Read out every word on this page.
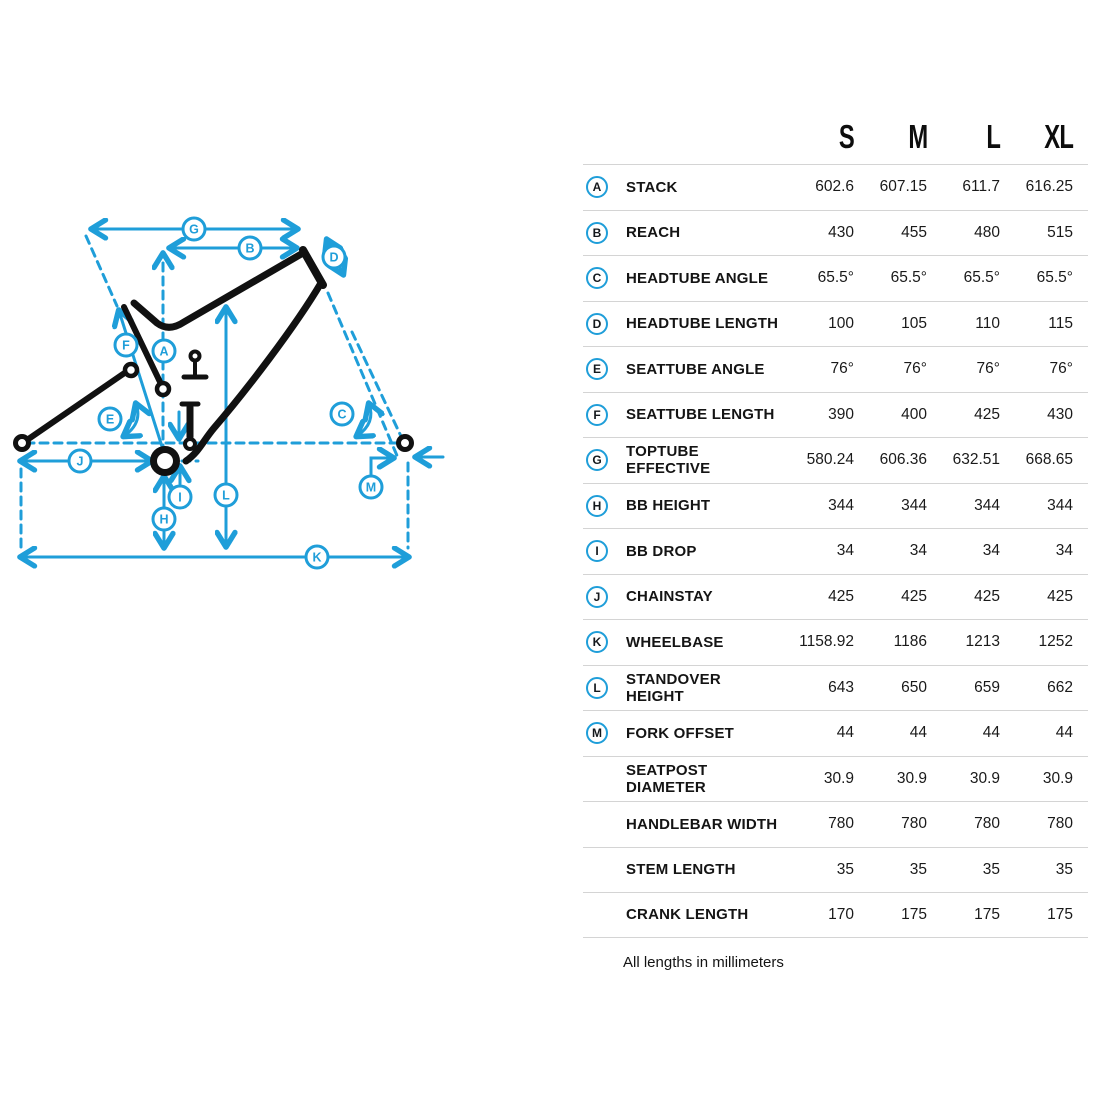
G
B
D
F A
E	C
J
M
I	L
H
K
S M L XL
A	STACK	602.6 607.15 611.7 616.25
B	REACH	430	455	480	515
C	HEADTUBE ANGLE	65.5° 65.5° 65.5° 65.5°
D	HEADTUBE LENGTH	100	105	110	115
E	SEATTUBE ANGLE	76°	76°	76°	76°
F	SEATTUBE LENGTH	390	400	425	430
G	TOPTUBE EFFECTIVE
580.24 606.36 632.51 668.65
H	BB HEIGHT	344	344	344	344
I	BB DROP	34	34	34	34
J	CHAINSTAY	425	425	425	425
K	WHEELBASE	1158.92	1186 1213 1252
L	STANDOVER HEIGHT
643	650	659	662
M	FORK OFFSET	44	44	44	44
SEATPOST DIAMETER
30.9	30.9	30.9	30.9
HANDLEBAR WIDTH	780	780	780	780
STEM LENGTH	35	35	35	35
CRANK LENGTH	170	175	175	175
All lengths in millimeters
